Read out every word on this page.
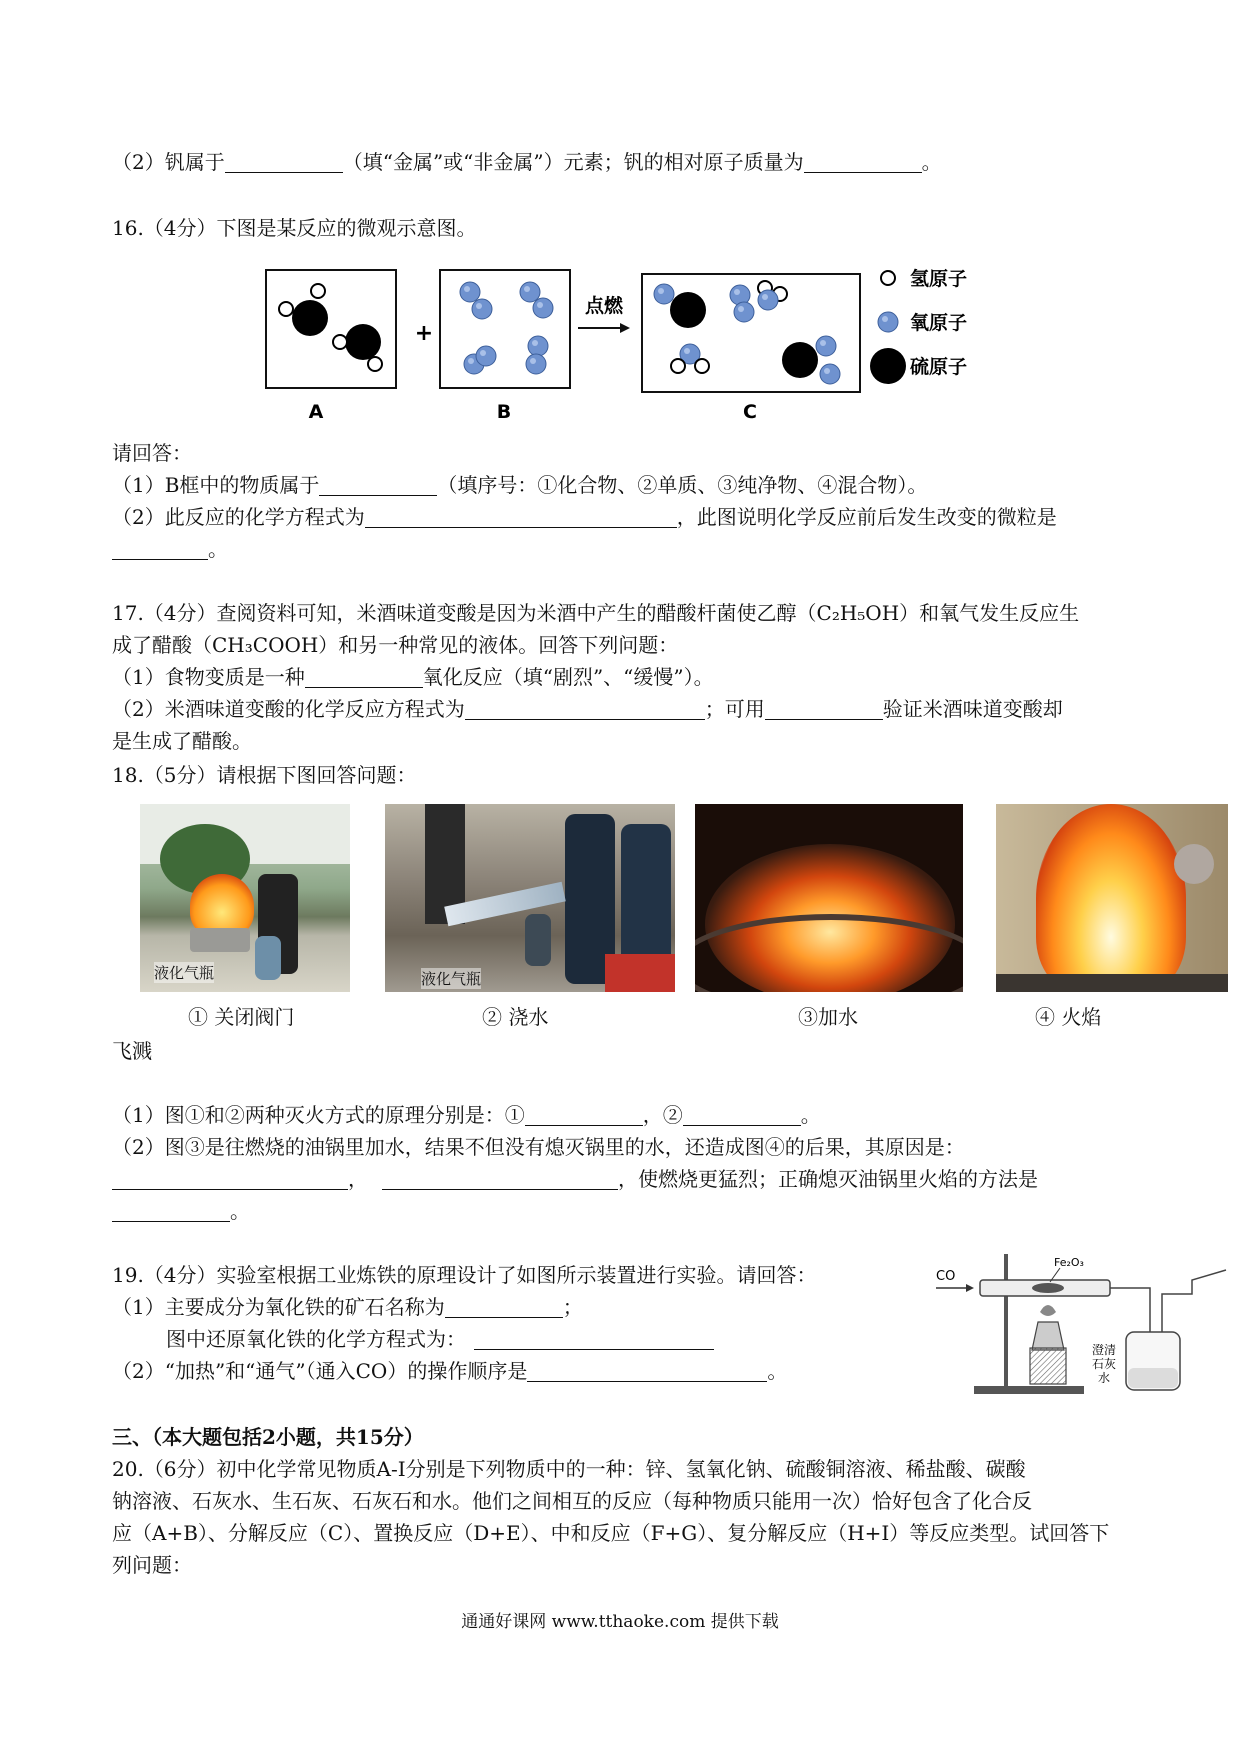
（2）钒属于	（填“金属”或“非金属”）元素；钒的相对原子质量为	。
16.（4分）下图是某反应的微观示意图。
+
点燃
氢原子
氧原子
硫原子
A	B	C
请回答：
（1）B框中的物质属于	（填序号：①化合物、②单质、③纯净物、④混合物）。
（2）此反应的化学方程式为	，此图说明化学反应前后发生改变的微粒是
。
17.（4分）查阅资料可知，米酒味道变酸是因为米酒中产生的醋酸杆菌使乙醇（C₂H₅OH）和氧气发生反应生
成了醋酸（CH₃COOH）和另一种常见的液体。回答下列问题：
（1）食物变质是一种	氧化反应（填“剧烈”、“缓慢”）。
（2）米酒味道变酸的化学反应方程式为	；可用	验证米酒味道变酸却
是生成了醋酸。
18.（5分）请根据下图回答问题：
液化气瓶	液化气瓶
① 关闭阀门	② 浇水	③加水	④ 火焰
飞溅
（1）图①和②两种灭火方式的原理分别是：①	，②	。
（2）图③是往燃烧的油锅里加水，结果不但没有熄灭锅里的水，还造成图④的后果，其原因是：
，	，使燃烧更猛烈；正确熄灭油锅里火焰的方法是
。
19.（4分）实验室根据工业炼铁的原理设计了如图所示装置进行实验。请回答：
（1）主要成分为氧化铁的矿石名称为	；
图中还原氧化铁的化学方程式为：
（2）“加热”和“通气”（通入CO）的操作顺序是	。
CO
Fe₂O₃
澄清
石灰
水
三、（本大题包括2小题，共15分）
20.（6分）初中化学常见物质A-I分别是下列物质中的一种：锌、氢氧化钠、硫酸铜溶液、稀盐酸、碳酸
钠溶液、石灰水、生石灰、石灰石和水。他们之间相互的反应（每种物质只能用一次）恰好包含了化合反
应（A+B）、分解反应（C）、置换反应（D+E）、中和反应（F+G）、复分解反应（H+I）等反应类型。试回答下
列问题：
通通好课网 www.tthaoke.com 提供下载
